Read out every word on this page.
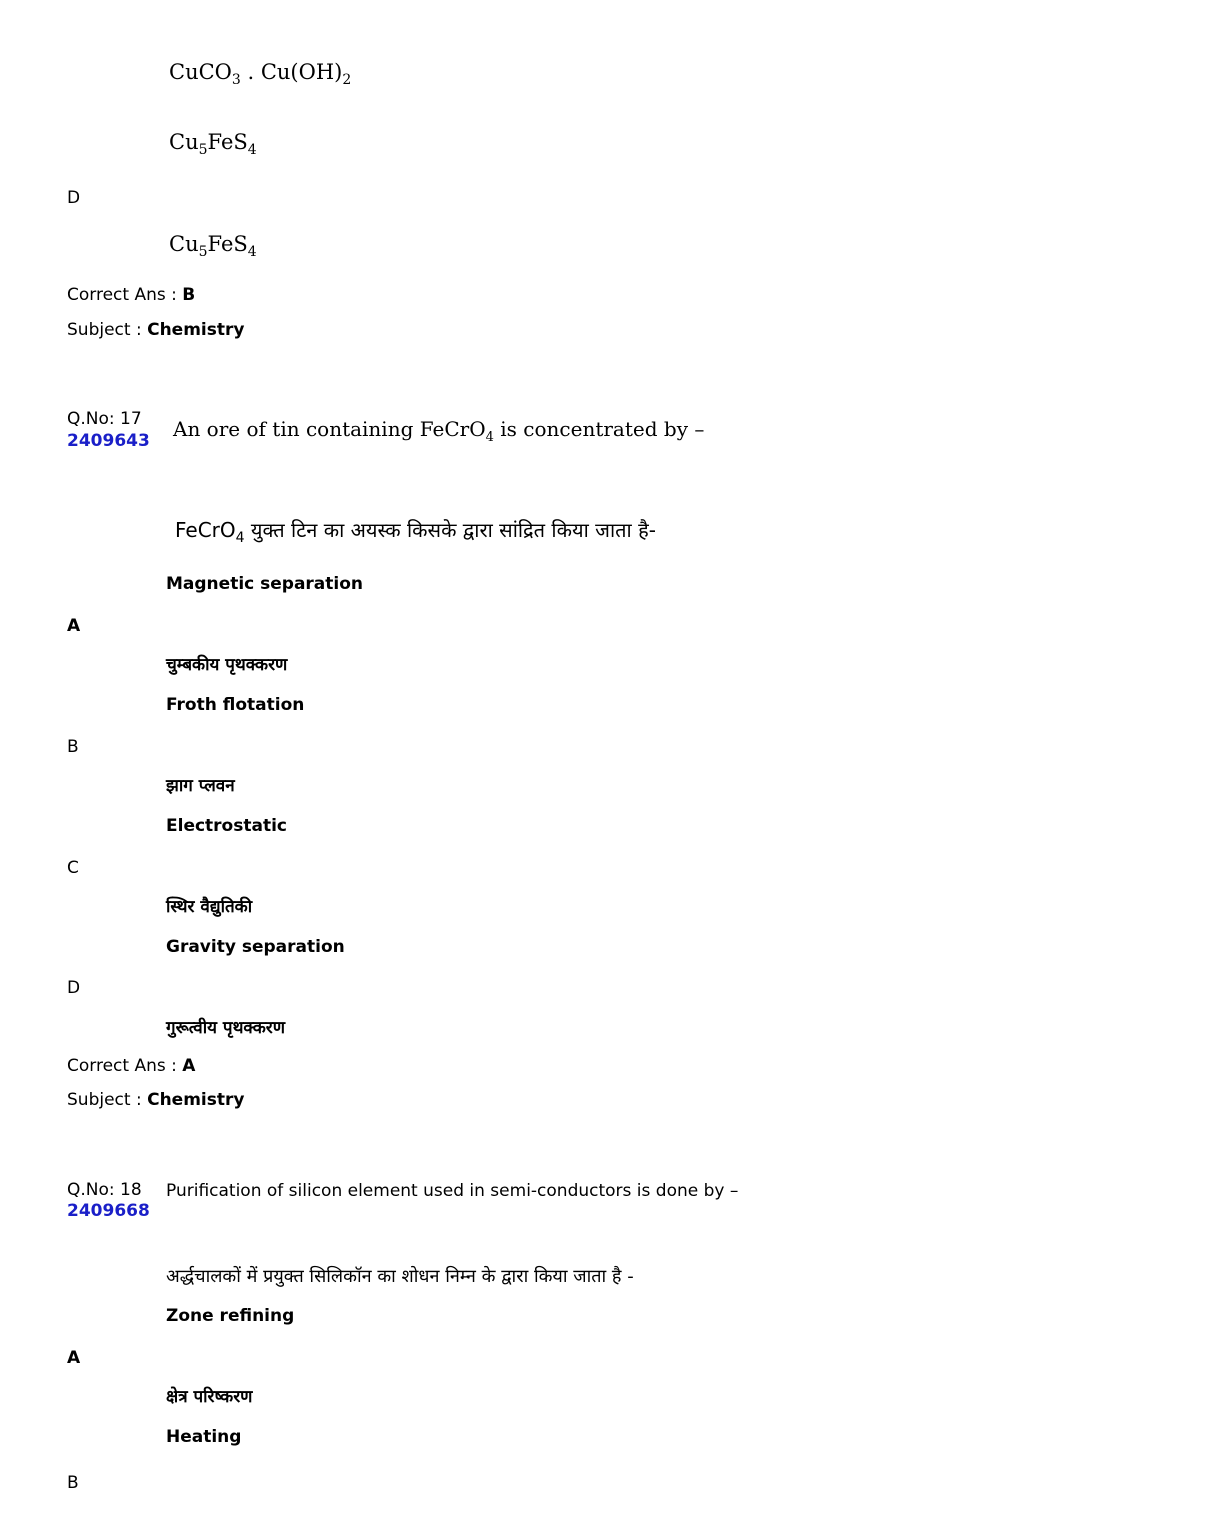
CuCO$_3$ . $Cu(OH)_2$
$Cu_5FeS_4$
D
$Cu_5FeS_4$
Correct Ans : B
Subject : Chemistry
Q.No: 17
2409643 An ore of tin containing FeCrO$_4$ is concentrated by –
FeCrO$_4$ युक्त टिन का अयस्क किसके द्वारा सांद्रित किया जाता है-
Magnetic separation
A
चुम्बकीय पृथक्करण
Froth flotation
B
झाग प्लवन
Electrostatic
C
स्थिर वैद्युतिकी
Gravity separation
D
गुरूत्वीय पृथक्करण
Correct Ans : A
Subject : Chemistry
Q.No: 18
2409668
Purification of silicon element used in semi-conductors is done by –
अर्द्धचालकों में प्रयुक्त सिलिकॉन का शोधन निम्न के द्वारा किया जाता है -
Zone refining
A
क्षेत्र परिष्करण
Heating
B
